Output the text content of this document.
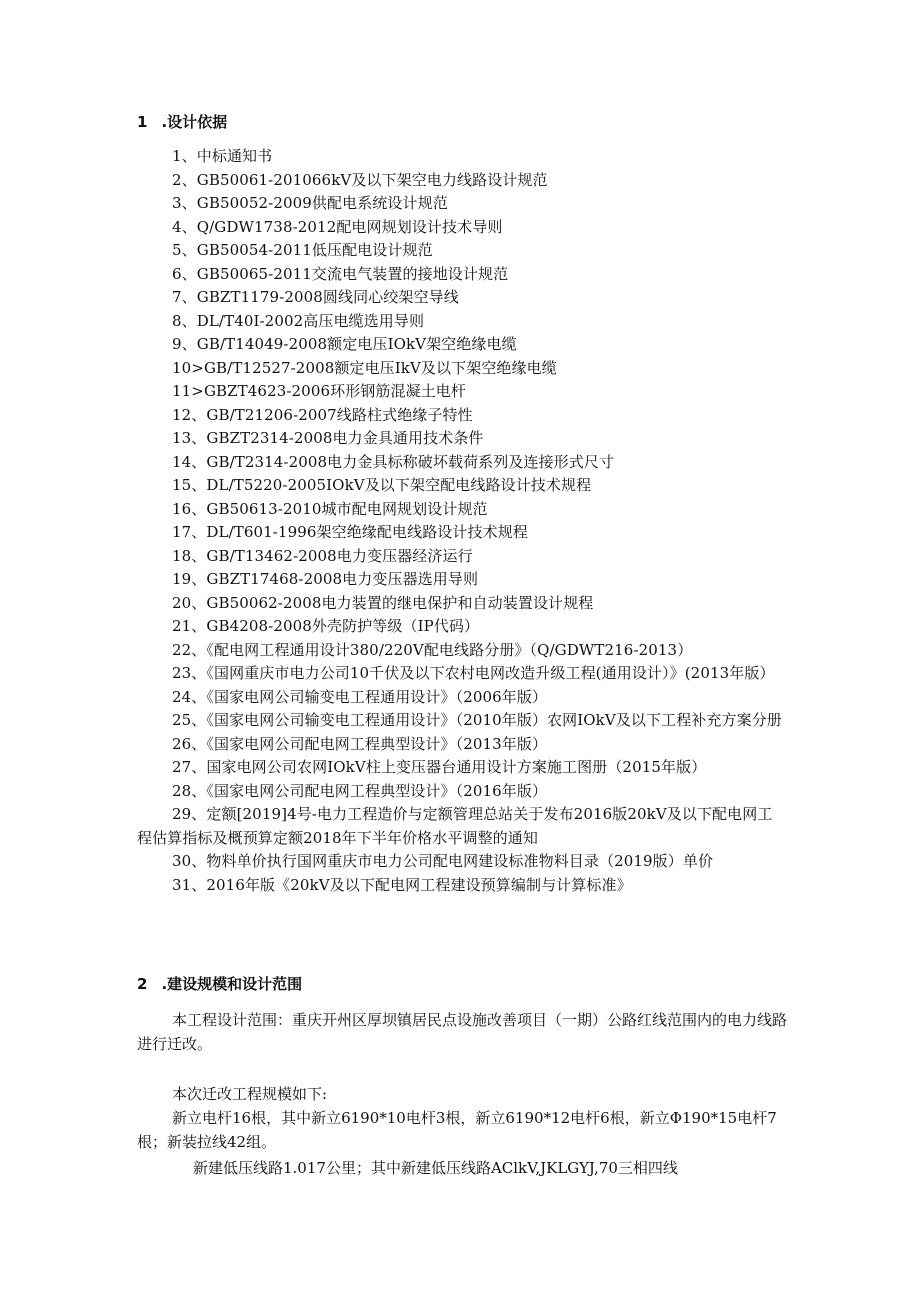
1 .设计依据
1、中标通知书
2、GB50061-201066kV及以下架空电力线路设计规范
3、GB50052-2009供配电系统设计规范
4、Q/GDW1738-2012配电网规划设计技术导则
5、GB50054-2011低压配电设计规范
6、GB50065-2011交流电气装置的接地设计规范
7、GBZT1179-2008圆线同心绞架空导线
8、DL/T40I-2002高压电缆选用导则
9、GB/T14049-2008额定电压IOkV架空绝缘电缆
10>GB/T12527-2008额定电压IkV及以下架空绝缘电缆
11>GBZT4623-2006环形钢筋混凝土电杆
12、GB/T21206-2007线路柱式绝缘子特性
13、GBZT2314-2008电力金具通用技术条件
14、GB/T2314-2008电力金具标称破坏载荷系列及连接形式尺寸
15、DL/T5220-2005IOkV及以下架空配电线路设计技术规程
16、GB50613-2010城市配电网规划设计规范
17、DL/T601-1996架空绝缘配电线路设计技术规程
18、GB/T13462-2008电力变压器经济运行
19、GBZT17468-2008电力变压器选用导则
20、GB50062-2008电力装置的继电保护和自动装置设计规程
21、GB4208-2008外壳防护等级（IP代码）
22、《配电网工程通用设计380/220V配电线路分册》（Q/GDWT216-2013）
23、《国网重庆市电力公司10千伏及以下农村电网改造升级工程(通用设计）》(2013年版）
24、《国家电网公司输变电工程通用设计》（2006年版）
25、《国家电网公司输变电工程通用设计》（2010年版）农网IOkV及以下工程补充方案分册
26、《国家电网公司配电网工程典型设计》（2013年版）
27、国家电网公司农网IOkV柱上变压器台通用设计方案施工图册（2015年版）
28、《国家电网公司配电网工程典型设计》（2016年版）
29、定额[2019]4号-电力工程造价与定额管理总站关于发布2016版20kV及以下配电网工程估算指标及概预算定额2018年下半年价格水平调整的通知
30、物料单价执行国网重庆市电力公司配电网建设标准物料目录（2019版）单价
31、2016年版《20kV及以下配电网工程建设预算编制与计算标准》
2 .建设规模和设计范围

本工程设计范围：重庆开州区厚坝镇居民点设施改善项目（一期）公路红线范围内的电力线路进行迁改。

本次迁改工程规模如下:

新立电杆16根，其中新立6190*10电杆3根，新立6190*12电杆6根，新立Φ190*15电杆7根；新装拉线42组。

新建低压线路1.017公里；其中新建低压线路AClkV,JKLGYJ,70三相四线
